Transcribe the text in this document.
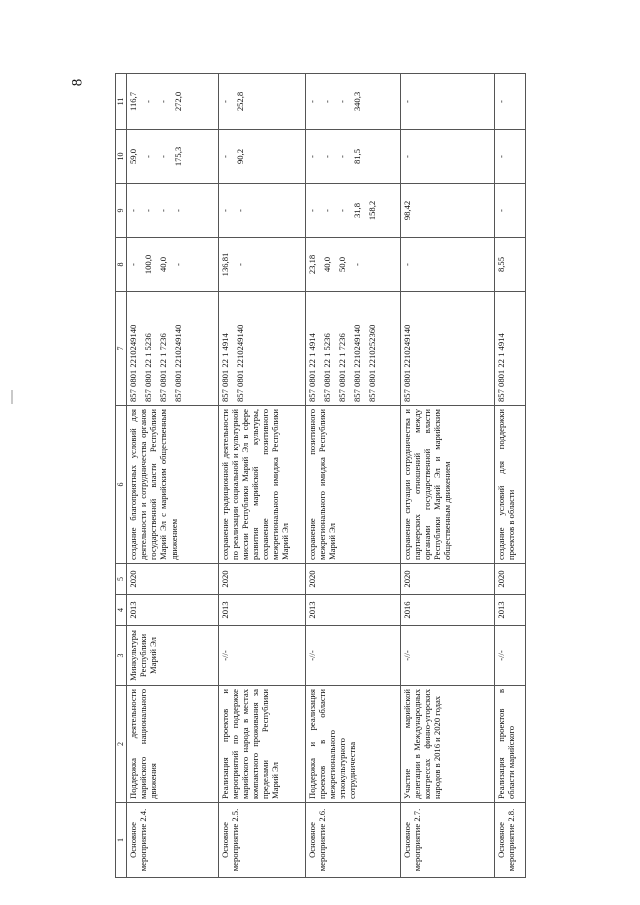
8
1	2	3	4	5	6	7	8	9	10	11
Основное мероприятие 2.4.	Поддержка деятельности марийского национального движения	Минкультуры Республики Марий Эл	2013	2020	создание благоприятных условий для деятельности и сотрудничества органов государственной власти Республики Марий Эл с марийским общественным движением	857 0801 2210249140 857 0801 22 1 5236 857 0801 22 1 7236 857 0801 2210249140	- 100,0 40,0 -	- - - -	59,0 - - 175,3	116,7 - - 272,0

Основное мероприятие 2.5.	Реализация проектов и мероприятий по поддержке марийского народа в местах компактного проживания за пределами Республики Марий Эл	-//-	2013	2020	сохранение традиционной деятельности по реализации социальной и культурной миссии Республики Марий Эл в сфере развития марийской культуры, сохранение позитивного межрегионального имиджа Республики Марий Эл	857 0801 22 1 4914 857 0801 2210249140	136,81 -	- -	- 90,2	- 252,8

Основное мероприятие 2.6.	Поддержка и реализация проектов в области межрегионального этнокультурного сотрудничества	-//-	2013	2020	сохранение позитивного межрегионального имиджа Республики Марий Эл	857 0801 22 1 4914 857 0801 22 1 5236 857 0801 22 1 7236 857 0801 2210249140 857 0801 2210252360	23,18 40,0 50,0 -	- - - 31,8 158,2	- - - 81,5	- - - 340,3

Основное мероприятие 2.7.	Участие марийской делегации в Международных конгрессах финно-угорских народов в 2016 и 2020 годах	-//-	2016	2020	сохранение ситуации сотрудничества и партнерских отношений между органами государственной власти Республики Марий Эл и марийским общественным движением	857 0801 2210249140	-	98,42	-	-

Основное мероприятие 2.8.	Реализация проектов в области марийского	-//-	2013	2020	создание условий для поддержки проектов в области	857 0801 22 1 4914	8,55	-	-	-
